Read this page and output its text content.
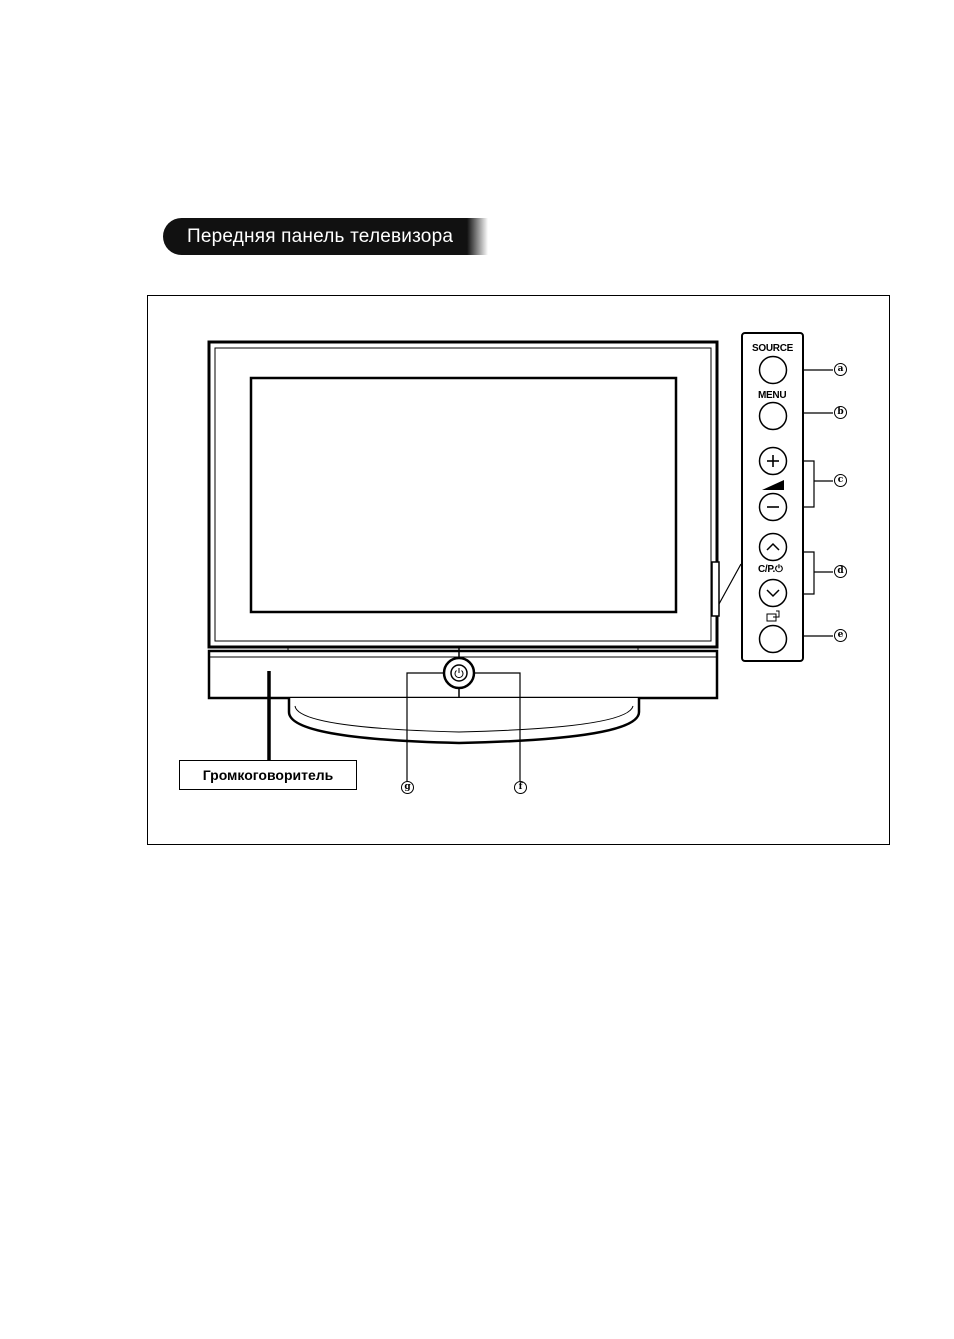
Передняя панель телевизора
SOURCE
MENU
C/P.⏻
a
b
c
d
e
f
g
Громкоговоритель
